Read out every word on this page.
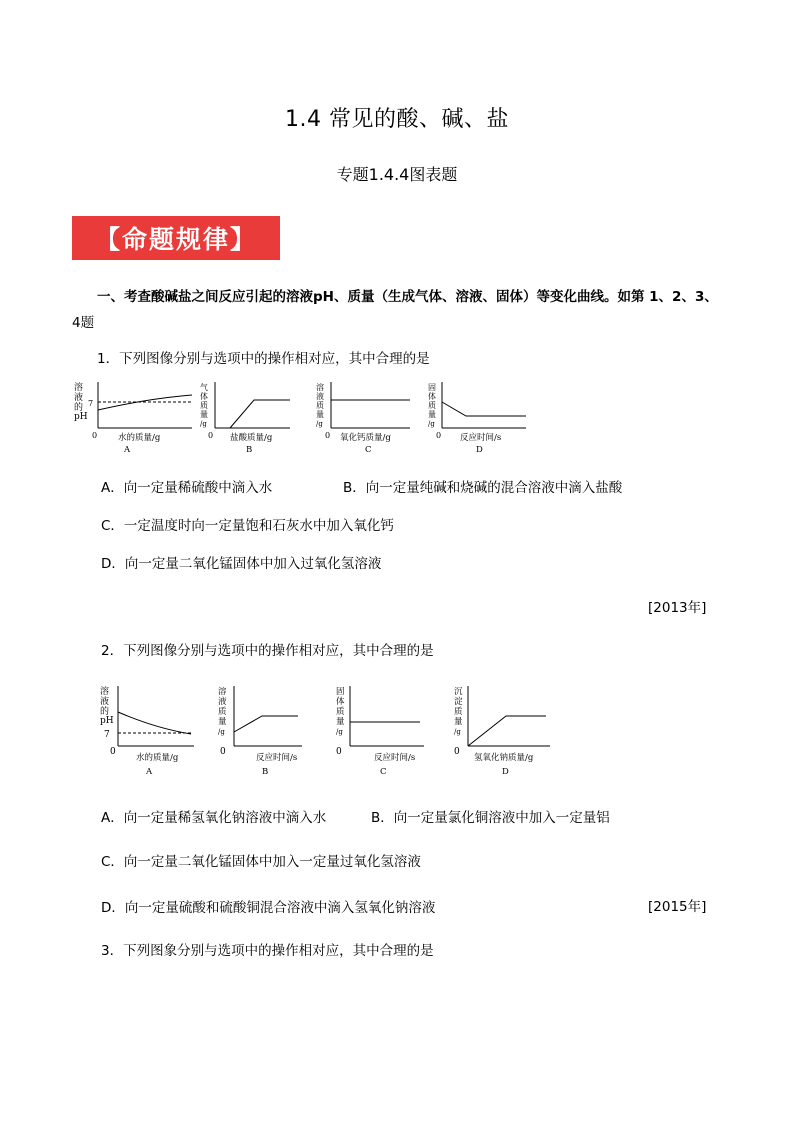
1.4 常见的酸、碱、盐
专题1.4.4图表题
【命题规律】
一、考查酸碱盐之间反应引起的溶液pH、质量（生成气体、溶液、固体）等变化曲线。如第 1、2、3、
4题
1．下列图像分别与选项中的操作相对应，其中合理的是
溶
液
的
pH
7
0 水的质量/g
A
气
体
质
量
/g
0 盐酸质量/g
B
溶
液
质
量
/g
0 氧化钙质量/g
C
固
体
质
量
/g
0 反应时间/s
D
A．向一定量稀硫酸中滴入水	B．向一定量纯碱和烧碱的混合溶液中滴入盐酸
C．一定温度时向一定量饱和石灰水中加入氧化钙
D．向一定量二氧化锰固体中加入过氧化氢溶液
[2013年]
2．下列图像分别与选项中的操作相对应，其中合理的是
溶
液
的
pH
7
0
水的质量/g
A
溶
液
质
量
/g
0
反应时间/s
B
固
体
质
量
/g
0
反应时间/s
C
沉
淀
质
量
/g
0
氢氧化钠质量/g
D
A．向一定量稀氢氧化钠溶液中滴入水	B．向一定量氯化铜溶液中加入一定量铝
C．向一定量二氧化锰固体中加入一定量过氧化氢溶液
D．向一定量硫酸和硫酸铜混合溶液中滴入氢氧化钠溶液	[2015年]
3．下列图象分别与选项中的操作相对应，其中合理的是
